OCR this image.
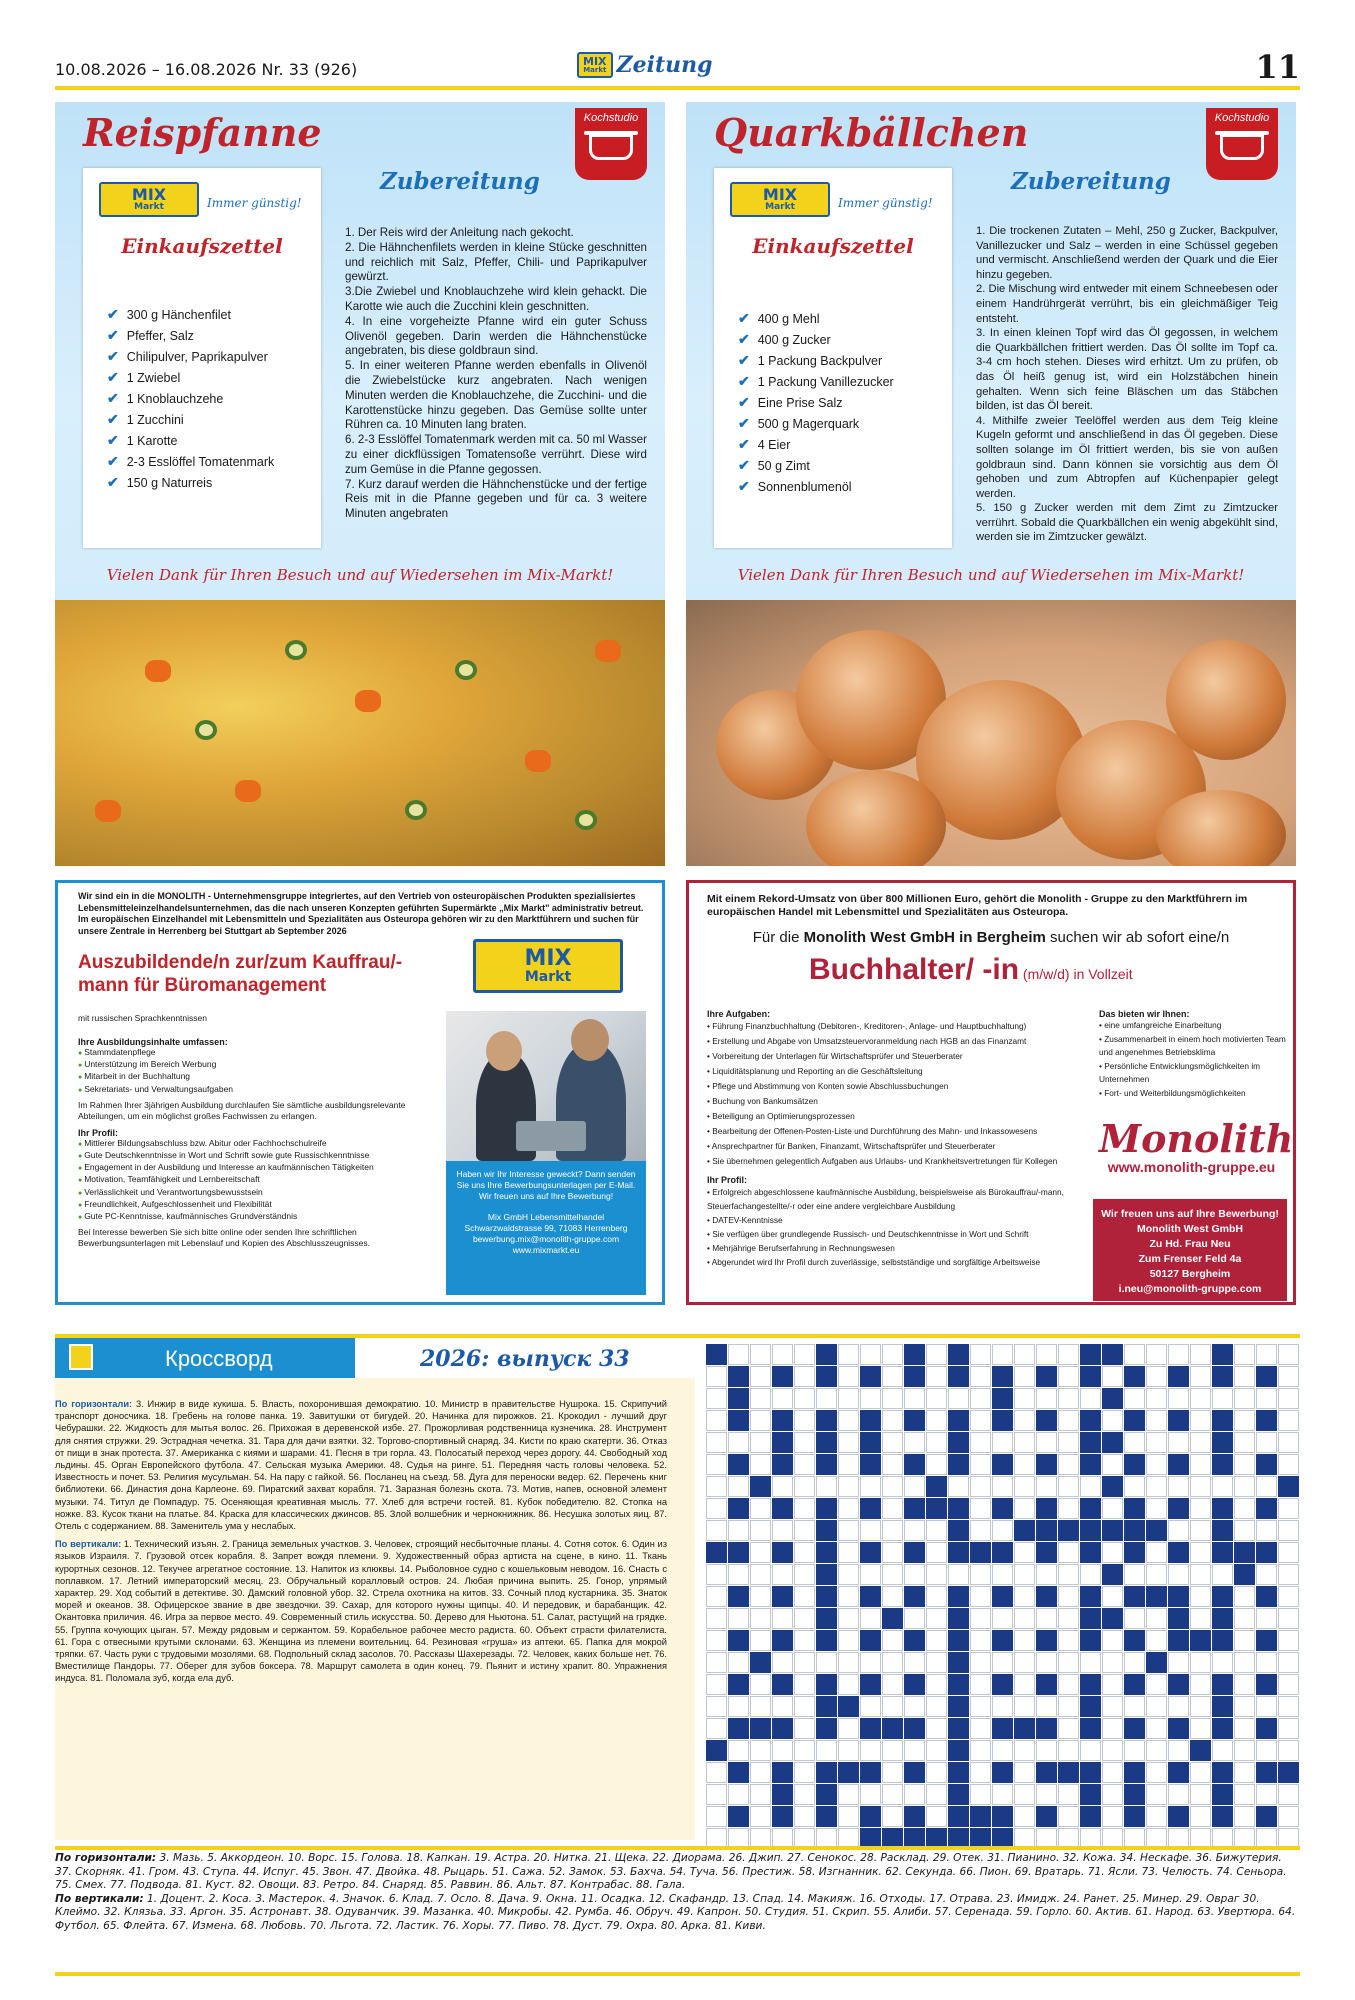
10.08.2026 – 16.08.2026 Nr. 33 (926)	MIX
Markt Zeitung	11
Reispfanne	Kochstudio
MIX
Markt	Immer günstig!
Einkaufszettel
✔ 300 g Hänchenfilet
✔ Pfeffer, Salz
✔ Chilipulver, Paprikapulver
✔ 1 Zwiebel
✔ 1 Knoblauchzehe
✔ 1 Zucchini
✔ 1 Karotte
✔ 2-3 Esslöffel Tomatenmark
✔ 150 g Naturreis
Zubereitung
1. Der Reis wird der Anleitung nach gekocht.
2. Die Hähnchenfilets werden in kleine Stücke geschnitten und reichlich mit Salz, Pfeffer, Chili- und Paprikapulver gewürzt.
3.Die Zwiebel und Knoblauchzehe wird klein gehackt. Die Karotte wie auch die Zucchini klein geschnitten.
4. In eine vorgeheizte Pfanne wird ein guter Schuss Olivenöl gegeben. Darin werden die Hähnchenstücke angebraten, bis diese goldbraun sind.
5. In einer weiteren Pfanne werden ebenfalls in Olivenöl die Zwiebelstücke kurz angebraten. Nach wenigen Minuten werden die Knoblauchzehe, die Zucchini- und die Karottenstücke hinzu gegeben. Das Gemüse sollte unter Rühren ca. 10 Minuten lang braten.
6. 2-3 Esslöffel Tomatenmark werden mit ca. 50 ml Wasser zu einer dickflüssigen Tomatensoße verrührt. Diese wird zum Gemüse in die Pfanne gegossen.
7. Kurz darauf werden die Hähnchenstücke und der fertige Reis mit in die Pfanne gegeben und für ca. 3 weitere Minuten angebraten
Vielen Dank für Ihren Besuch und auf Wiedersehen im Mix-Markt!
Quarkbällchen	Kochstudio
MIX
Markt	Immer günstig!
Einkaufszettel
✔ 400 g Mehl
✔ 400 g Zucker
✔ 1 Packung Backpulver
✔ 1 Packung Vanillezucker
✔ Eine Prise Salz
✔ 500 g Magerquark
✔ 4 Eier
✔ 50 g Zimt
✔ Sonnenblumenöl
Zubereitung
1. Die trockenen Zutaten – Mehl, 250 g Zucker, Backpulver, Vanillezucker und Salz – werden in eine Schüssel gegeben und vermischt. Anschließend werden der Quark und die Eier hinzu gegeben.
2. Die Mischung wird entweder mit einem Schneebesen oder einem Handrührgerät verrührt, bis ein gleichmäßiger Teig entsteht.
3. In einen kleinen Topf wird das Öl gegossen, in welchem die Quarkbällchen frittiert werden. Das Öl sollte im Topf ca. 3-4 cm hoch stehen. Dieses wird erhitzt. Um zu prüfen, ob das Öl heiß genug ist, wird ein Holzstäbchen hinein gehalten. Wenn sich feine Bläschen um das Stäbchen bilden, ist das Öl bereit.
4. Mithilfe zweier Teelöffel werden aus dem Teig kleine Kugeln geformt und anschließend in das Öl gegeben. Diese sollten solange im Öl frittiert werden, bis sie von außen goldbraun sind. Dann können sie vorsichtig aus dem Öl gehoben und zum Abtropfen auf Küchenpapier gelegt werden.
5. 150 g Zucker werden mit dem Zimt zu Zimtzucker verrührt. Sobald die Quarkbällchen ein wenig abgekühlt sind, werden sie im Zimtzucker gewälzt.
Vielen Dank für Ihren Besuch und auf Wiedersehen im Mix-Markt!
Wir sind ein in die MONOLITH - Unternehmensgruppe integriertes, auf den Vertrieb von osteuropäischen Produkten spezialisiertes Lebensmitteleinzelhandelsunternehmen, das die nach unseren Konzepten geführten Supermärkte „Mix Markt" administrativ betreut. Im europäischen Einzelhandel mit Lebensmitteln und Spezialitäten aus Osteuropa gehören wir zu den Marktführern und suchen für unsere Zentrale in Herrenberg bei Stuttgart ab September 2026
Auszubildende/n zur/zum Kauffrau/-mann für Büromanagement
mit russischen Sprachkenntnissen
MIX
Markt
Ihre Ausbildungsinhalte umfassen:
● Stammdatenpflege
● Unterstützung im Bereich Werbung
● Mitarbeit in der Buchhaltung
● Sekretariats- und Verwaltungsaufgaben

Im Rahmen Ihrer 3jährigen Ausbildung durchlaufen Sie sämtliche ausbildungsrelevante Abteilungen, um ein möglichst großes Fachwissen zu erlangen.

Ihr Profil:
● Mittlerer Bildungsabschluss bzw. Abitur oder Fachhochschulreife
● Gute Deutschkenntnisse in Wort und Schrift sowie gute Russischkenntnisse
● Engagement in der Ausbildung und Interesse an kaufmännischen Tätigkeiten
● Motivation, Teamfähigkeit und Lernbereitschaft
● Verlässlichkeit und Verantwortungsbewusstsein
● Freundlichkeit, Aufgeschlossenheit und Flexibilität
● Gute PC-Kenntnisse, kaufmännisches Grundverständnis

Bei Interesse bewerben Sie sich bitte online oder senden Ihre schriftlichen Bewerbungsunterlagen mit Lebenslauf und Kopien des Abschlusszeugnisses.

Haben wir Ihr Interesse geweckt? Dann senden Sie uns Ihre Bewerbungsunterlagen per E-Mail. Wir freuen uns auf Ihre Bewerbung!
Mix GmbH Lebensmittelhandel Schwarzwaldstrasse 99, 71083 Herrenberg bewerbung.mix@monolith-gruppe.com www.mixmarkt.eu
Mit einem Rekord-Umsatz von über 800 Millionen Euro, gehört die Monolith - Gruppe zu den Marktführern im europäischen Handel mit Lebensmittel und Spezialitäten aus Osteuropa.
Für die Monolith West GmbH in Bergheim suchen wir ab sofort eine/n
Buchhalter/ -in (m/w/d) in Vollzeit
Ihre Aufgaben:
• Führung Finanzbuchhaltung (Debitoren-, Kreditoren-, Anlage- und Hauptbuchhaltung)
• Erstellung und Abgabe von Umsatzsteuervoranmeldung nach HGB an das Finanzamt
• Vorbereitung der Unterlagen für Wirtschaftsprüfer und Steuerberater
• Liquiditätsplanung und Reporting an die Geschäftsleitung
• Pflege und Abstimmung von Konten sowie Abschlussbuchungen
• Buchung von Bankumsätzen
• Beteiligung an Optimierungsprozessen
• Bearbeitung der Offenen-Posten-Liste und Durchführung des Mahn- und Inkassowesens
• Ansprechpartner für Banken, Finanzamt, Wirtschaftsprüfer und Steuerberater
• Sie übernehmen gelegentlich Aufgaben aus Urlaubs- und Krankheitsvertretungen für Kollegen
Ihr Profil:
• Erfolgreich abgeschlossene kaufmännische Ausbildung, beispielsweise als Bürokauffrau/-mann, Steuerfachangestellte/-r oder eine andere vergleichbare Ausbildung
• DATEV-Kenntnisse
• Sie verfügen über grundlegende Russisch- und Deutschkenntnisse in Wort und Schrift
• Mehrjährige Berufserfahrung in Rechnungswesen
• Abgerundet wird Ihr Profil durch zuverlässige, selbstständige und sorgfältige Arbeitsweise
Das bieten wir Ihnen:
• eine umfangreiche Einarbeitung
• Zusammenarbeit in einem hoch motivierten Team und angenehmes Betriebsklima
• Persönliche Entwicklungsmöglichkeiten im Unternehmen
• Fort- und Weiterbildungsmöglichkeiten
Monolith
www.monolith-gruppe.eu
Wir freuen uns auf Ihre Bewerbung!
Monolith West GmbH
Zu Hd. Frau Neu
Zum Frenser Feld 4a
50127 Bergheim
i.neu@monolith-gruppe.com
Кроссворд	2026: выпуск 33

По горизонтали: 3. Инжир в виде кукиша. 5. Власть, похоронившая демократию. 10. Министр в правительстве Нушрока. 15. Скрипучий транспорт доносчика. 18. Гребень на голове панка. 19. Завитушки от бигудей. 20. Начинка для пирожков. 21. Крокодил - лучший друг Чебурашки. 22. Жидкость для мытья волос. 26. Прихожая в деревенской избе. 27. Прожорливая родственница кузнечика. 28. Инструмент для снятия стружки. 29. Эстрадная чечетка. 31. Тара для дачи взятки. 32. Торгово-спортивный снаряд. 34. Кисти по краю скатерти. 36. Отказ от пищи в знак протеста. 37. Американка с киями и шарами. 41. Песня в три горла. 43. Полосатый переход через дорогу. 44. Свободный ход льдины. 45. Орган Европейского футбола. 47. Сельская музыка Америки. 48. Судья на ринге. 51. Передняя часть головы человека. 52. Известность и почет. 53. Религия мусульман. 54. На пару с гайкой. 56. Посланец на съезд. 58. Дуга для переноски ведер. 62. Перечень книг библиотеки. 66. Династия дона Карлеоне. 69. Пиратский захват корабля. 71. Заразная болезнь скота. 73. Мотив, напев, основной элемент музыки. 74. Титул де Помпадур. 75. Осеняющая креативная мысль. 77. Хлеб для встречи гостей. 81. Кубок победителю. 82. Стопка на ножке. 83. Кусок ткани на платье. 84. Краска для классических джинсов. 85. Злой волшебник и чернокнижник. 86. Несушка золотых яиц. 87. Отель с содержанием. 88. Заменитель ума у неслабых.

По вертикали: 1. Технический изъян. 2. Граница земельных участков. 3. Человек, строящий несбыточные планы. 4. Сотня соток. 6. Один из языков Израиля. 7. Грузовой отсек корабля. 8. Запрет вождя племени. 9. Художественный образ артиста на сцене, в кино. 11. Ткань курортных сезонов. 12. Текучее агрегатное состояние. 13. Напиток из клюквы. 14. Рыболовное судно с кошельковым неводом. 16. Снасть с поплавком. 17. Летний императорский месяц. 23. Обручальный коралловый остров. 24. Любая причина выпить. 25. Гонор, упрямый характер. 29. Ход событий в детективе. 30. Дамский головной убор. 32. Стрела охотника на китов. 33. Сочный плод кустарника. 35. Знаток морей и океанов. 38. Офицерское звание в две звездочки. 39. Сахар, для которого нужны щипцы. 40. И передовик, и барабанщик. 42. Окантовка приличия. 46. Игра за первое место. 49. Современный стиль искусства. 50. Дерево для Ньютона. 51. Салат, растущий на грядке. 55. Группа кочующих цыган. 57. Между рядовым и сержантом. 59. Корабельное рабочее место радиста. 60. Объект страсти филателиста. 61. Гора с отвесными крутыми склонами. 63. Женщина из племени воительниц. 64. Резиновая «груша» из аптеки. 65. Папка для мокрой тряпки. 67. Часть руки с трудовыми мозолями. 68. Подпольный склад засолов. 70. Рассказы Шахерезады. 72. Человек, каких больше нет. 76. Вместилище Пандоры. 77. Оберег для зубов боксера. 78. Маршрут самолета в один конец. 79. Пьянит и истину храпит. 80. Упражнения индуса. 81. Поломала зуб, когда ела дуб.

По горизонтали: 3. Мазь. 5. Аккордеон. 10. Ворс. 15. Голова. 18. Капкан. 19. Астра. 20. Нитка. 21. Щека. 22. Диорама. 26. Джип. 27. Сенокос. 28. Расклад. 29. Отек. 31. Пианино. 32. Кожа. 34. Нескафе. 36. Бижутерия. 37. Скорняк. 41. Гром. 43. Ступа. 44. Испуг. 45. Звон. 47. Двойка. 48. Рыцарь. 51. Сажа. 52. Замок. 53. Бахча. 54. Туча. 56. Престиж. 58. Изгнанник. 62. Секунда. 66. Пион. 69. Вратарь. 71. Ясли. 73. Челюсть. 74. Сеньора. 75. Смех. 77. Подвода. 81. Куст. 82. Овощи. 83. Ретро. 84. Снаряд. 85. Раввин. 86. Альт. 87. Контрабас. 88. Гала.

По вертикали: 1. Доцент. 2. Коса. 3. Мастерок. 4. Значок. 6. Клад. 7. Осло. 8. Дача. 9. Окна. 11. Осадка. 12. Скафандр. 13. Спад. 14. Макияж. 16. Отходы. 17. Отрава. 23. Имидж. 24. Ранет. 25. Минер. 29. Овраг 30. Клеймо. 32. Клязьа. 33. Аргон. 35. Астронавт. 38. Одуванчик. 39. Мазанка. 40. Микробы. 42. Румба. 46. Обруч. 49. Капрон. 50. Студия. 51. Скрип. 55. Алиби. 57. Серенада. 59. Горло. 60. Актив. 61. Народ. 63. Увертюра. 64. Футбол. 65. Флейта. 67. Измена. 68. Любовь. 70. Льгота. 72. Ластик. 76. Хоры. 77. Пиво. 78. Дуст. 79. Охра. 80. Арка. 81. Киви.
